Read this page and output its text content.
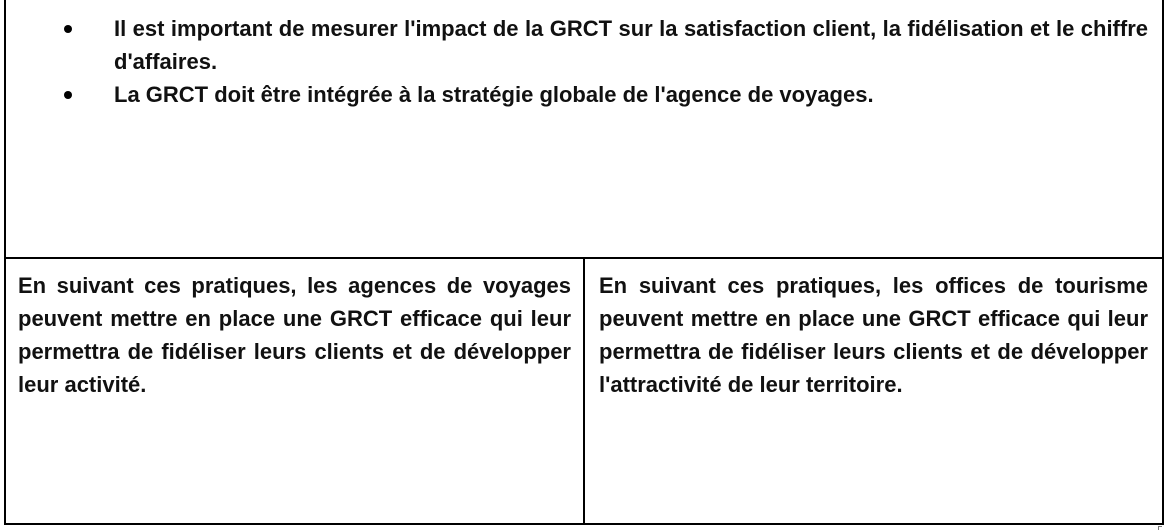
Il est important de mesurer l'impact de la GRCT sur la satisfaction client, la fidélisation et le chiffre d'affaires.
La GRCT doit être intégrée à la stratégie globale de l'agence de voyages.

En suivant ces pratiques, les agences de voyages peuvent mettre en place une GRCT efficace qui leur permettra de fidéliser leurs clients et de développer leur activité.

En suivant ces pratiques, les offices de tourisme peuvent mettre en place une GRCT efficace qui leur permettra de fidéliser leurs clients et de développer l'attractivité de leur territoire.
